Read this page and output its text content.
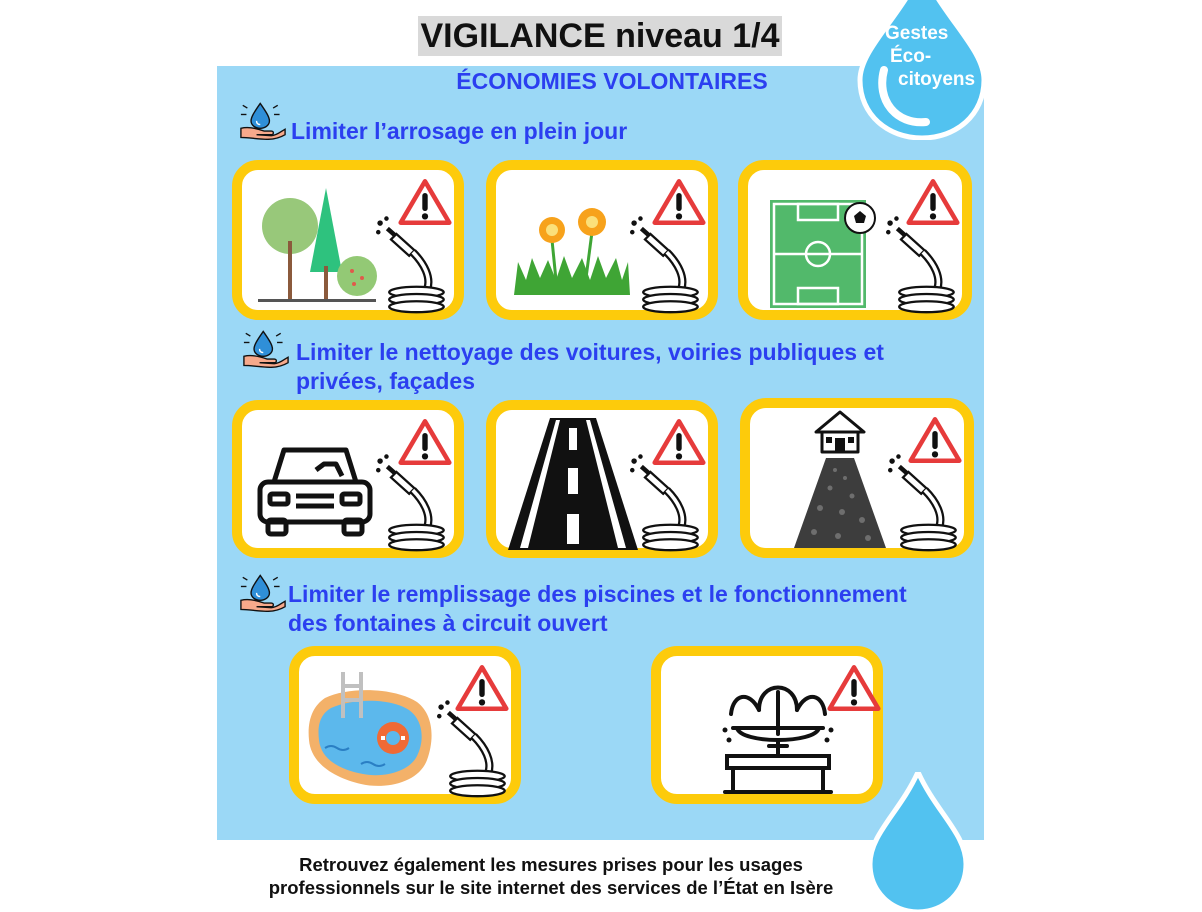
VIGILANCE niveau 1/4	Gestes
Éco-
citoyens
ÉCONOMIES VOLONTAIRES
Limiter l’arrosage en plein jour
Limiter le nettoyage des voitures, voiries publiques et
privées, façades
Limiter le remplissage des piscines et le fonctionnement
des fontaines à circuit ouvert
Retrouvez également les mesures prises pour les usages
professionnels sur le site internet des services de l’État en Isère
